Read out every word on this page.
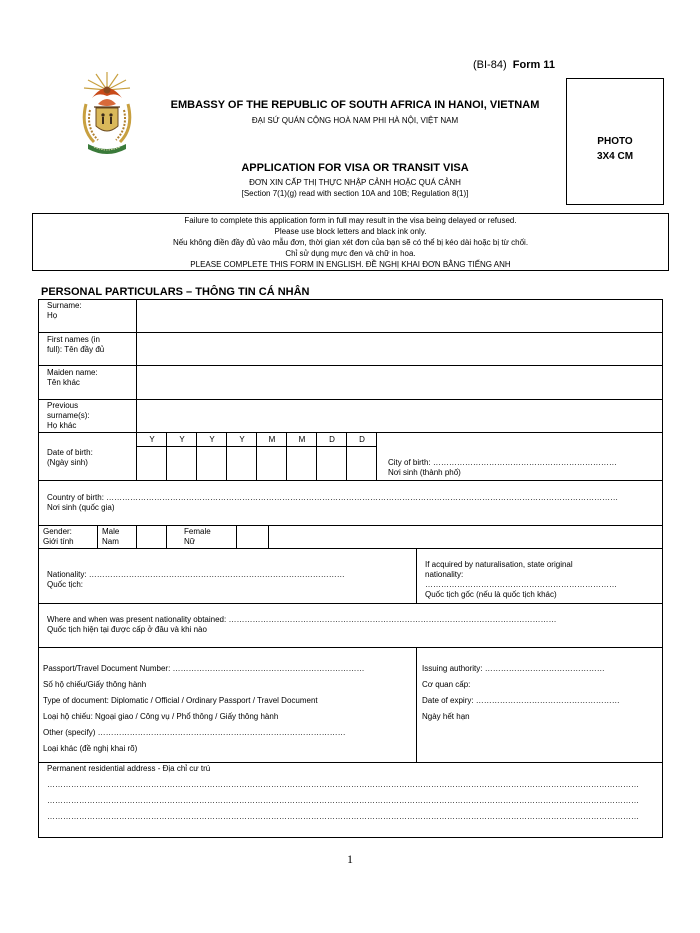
(BI-84) Form 11
EMBASSY OF THE REPUBLIC OF SOUTH AFRICA IN HANOI, VIETNAM
ĐẠI SỨ QUÁN CỘNG HOÀ NAM PHI HÀ NỘI, VIỆT NAM
APPLICATION FOR VISA OR TRANSIT VISA
ĐƠN XIN CẤP THỊ THỰC NHẬP CẢNH HOẶC QUÁ CẢNH
[Section 7(1)(g) read with section 10A and 10B; Regulation 8(1)]
PHOTO
3X4 CM
Failure to complete this application form in full may result in the visa being delayed or refused.
Please use block letters and black ink only.
Nếu không điền đầy đủ vào mẫu đơn, thời gian xét đơn của bạn sẽ có thể bị kéo dài hoặc bị từ chối.
Chỉ sử dụng mực đen và chữ in hoa.
PLEASE COMPLETE THIS FORM IN ENGLISH. ĐỀ NGHỊ KHAI ĐƠN BẰNG TIẾNG ANH
PERSONAL PARTICULARS – THÔNG TIN CÁ NHÂN
Surname:
Họ
First names (in
full): Tên đầy đủ
Maiden name:
Tên khác
Previous
surname(s):
Họ khác
Y	Y	Y	Y	M	M	D	D
Date of birth:
(Ngày sinh)	City of birth: ……………………………………………………………
Nơi sinh (thành phố)
Country of birth: …………………………………………………………………………………………………………………………………………………………………………
Nơi sinh (quốc gia)
Gender:
Giới tính
Male
Nam
Female
Nữ
Nationality: ……………………………………………………………………………………
Quốc tịch:
If acquired by naturalisation, state original
nationality:
………………………………………………………………
Quốc tịch gốc (nếu là quốc tịch khác)
Where and when was present nationality obtained: ……………………………………………………………………………………………………………
Quốc tịch hiện tại được cấp ở đâu và khi nào
Passport/Travel Document Number: ………………………………………………………………
Số hộ chiếu/Giấy thông hành
Type of document: Diplomatic / Official / Ordinary Passport / Travel Document
Loại hộ chiếu: Ngoại giao / Công vụ / Phổ thông / Giấy thông hành
Other (specify) …………………………………………………………………………………
Loại khác (đề nghị khai rõ)
Issuing authority: ………………………………………
Cơ quan cấp:
Date of expiry: ………………………………………………
Ngày hết hạn
Permanent residential address - Địa chỉ cư trú
……………………………………………………………………………………………………………………………………………………………………………………………………
……………………………………………………………………………………………………………………………………………………………………………………………………
……………………………………………………………………………………………………………………………………………………………………………………………………
1
